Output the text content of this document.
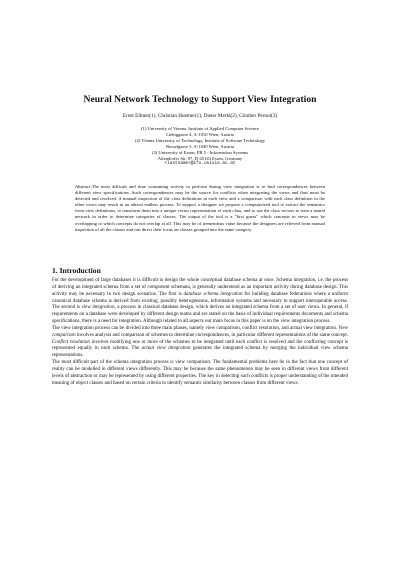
Neural Network Technology to Support View Integration
Ernst Ellmer(1), Christian Huemer(1), Dieter Merkl(2), Günther Pernul(3)
(1) University of Vienna, Institute of Applied Computer Science
Liebiggasse 4, A-1010 Wien, Austria
(2) Vienna University of Technology, Institute of Software Technology
Resselgasse 3, A-1040 Wien, Austria
(3) University of Essen, FB 5 - Information Systems
Altendorfer Str. 97, D-45143 Essen, Germany
<lastname>@ifs.univie.ac.at
Abstract.The most difficult and time consuming activity to perform during view integration is to find correspondences between different view specifications. Such correspondences may be the source for conflicts when integrating the views and thus must be detected and resolved. A manual inspection of the class definitions in each view and a comparison with each class definition in the other views may result in an almost endless process. To support a designer we propose a computerized tool to extract the semantics from view definitions, to transform them into a unique vector representation of each class, and to use the class vectors to train a neural network in order to determine categories of classes. The output of the tool is a "first guess" which concepts in views may be overlapping or which concepts do not overlap at all. This may be of tremendous value because the designers are relieved from manual inspection of all the classes and can direct their focus on classes grouped into the same category.
1. Introduction

For the development of large databases it is difficult to design the whole conceptual database schema at once. Schema integration, i.e. the process of deriving an integrated schema from a set of component schemata, is generally understood as an important activity during database design. This activity may be necessary in two design scenarios. The first is database schema integration for building database federations where a uniform canonical database schema is derived from existing, possibly heterogeneous, information systems and necessary to support interoperable access. The second is view integration, a process in classical database design, which derives an integrated schema from a set of user views. In general, if requirements on a database were developed by different design teams and are stated on the basis of individual requirements documents and schema specifications, there is a need for integration. Although related to all aspects our main focus in this paper is on the view integration process.

The view integration process can be divided into three main phases, namely view comparison, conflict resolution, and actual view integration. View comparison involves analysis and comparison of schemes to determine correspondences, in particular different representations of the same concept. Conflict resolution involves modifying one or more of the schemes to be integrated until each conflict is resolved and the conflicting concept is represented equally in each schema. The actual view integration generates the integrated schema by merging the individual view schema representations.

The most difficult part of the schema integration process is view comparison. The fundamental problems here lie in the fact that one concept of reality can be modelled in different views differently. This may be because the same phenomenon may be seen in different views from different levels of abstraction or may be represented by using different properties. The key in detecting such conflicts is proper understanding of the intended meaning of object classes and based on certain criteria to identify semantic similarity between classes from different views.
